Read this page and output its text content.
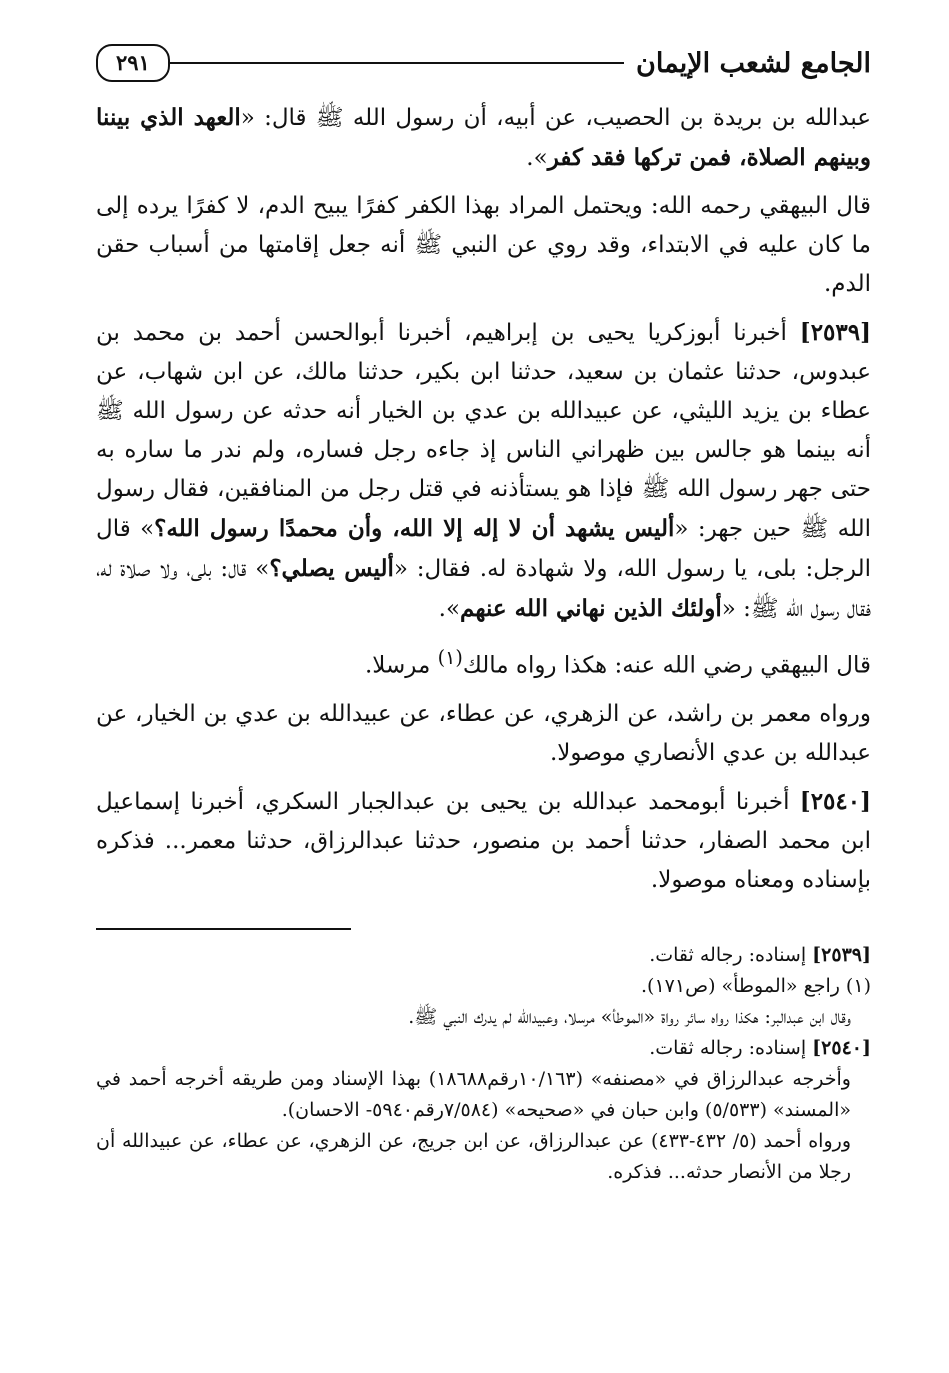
الجامع لشعب الإيمان
٢٩١

عبدالله بن بريدة بن الحصيب، عن أبيه، أن رسول الله ﷺ قال: «العهد الذي بيننا وبينهم الصلاة، فمن تركها فقد كفر».

قال البيهقي رحمه الله: ويحتمل المراد بهذا الكفر كفرًا يبيح الدم، لا كفرًا يرده إلى ما كان عليه في الابتداء، وقد روي عن النبي ﷺ أنه جعل إقامتها من أسباب حقن الدم.

[٢٥٣٩] أخبرنا أبوزكريا يحيى بن إبراهيم، أخبرنا أبوالحسن أحمد بن محمد بن عبدوس، حدثنا عثمان بن سعيد، حدثنا ابن بكير، حدثنا مالك، عن ابن شهاب، عن عطاء بن يزيد الليثي، عن عبيدالله بن عدي بن الخيار أنه حدثه عن رسول الله ﷺ أنه بينما هو جالس بين ظهراني الناس إذ جاءه رجل فساره، ولم ندر ما ساره به حتى جهر رسول الله ﷺ فإذا هو يستأذنه في قتل رجل من المنافقين، فقال رسول الله ﷺ حين جهر: «أليس يشهد أن لا إله إلا الله، وأن محمدًا رسول الله؟» قال الرجل: بلى، يا رسول الله، ولا شهادة له. فقال: «أليس يصلي؟» قال: بلى، ولا صلاة له، فقال رسول الله ﷺ: «أولئك الذين نهاني الله عنهم».

قال البيهقي رضي الله عنه: هكذا رواه مالك$^{(١)}$ مرسلا.

ورواه معمر بن راشد، عن الزهري، عن عطاء، عن عبيدالله بن عدي بن الخيار، عن عبدالله بن عدي الأنصاري موصولا.

[٢٥٤٠] أخبرنا أبومحمد عبدالله بن يحيى بن عبدالجبار السكري، أخبرنا إسماعيل ابن محمد الصفار، حدثنا أحمد بن منصور، حدثنا عبدالرزاق، حدثنا معمر... فذكره بإسناده ومعناه موصولا.

[٢٥٣٩] إسناده: رجاله ثقات.

(١) راجع «الموطأ» (ص١٧١).

وقال ابن عبدالبر: هكذا رواه سائر رواة «الموطأ» مرسلا، وعبيدالله لم يدرك النبي ﷺ.

[٢٥٤٠] إسناده: رجاله ثقات.

وأخرجه عبدالرزاق في «مصنفه» (١٠/١٦٣رقم١٨٦٨٨) بهذا الإسناد ومن طريقه أخرجه أحمد في «المسند» (٥/٥٣٣) وابن حبان في «صحيحه» (٧/٥٨٤رقم٥٩٤٠- الاحسان).

ورواه أحمد (٥/ ٤٣٢-٤٣٣) عن عبدالرزاق، عن ابن جريج، عن الزهري، عن عطاء، عن عبيدالله أن رجلا من الأنصار حدثه... فذكره.
